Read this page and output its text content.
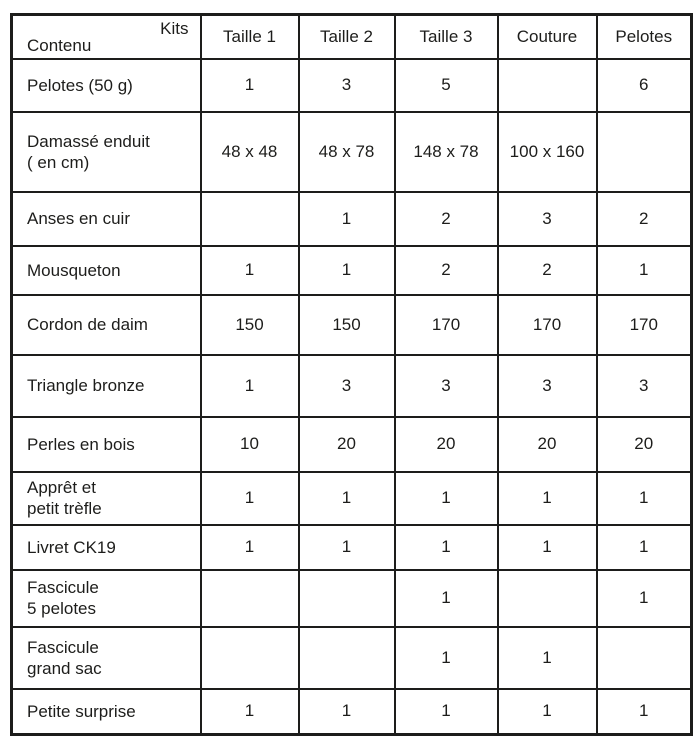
Kits
Contenu	Taille 1	Taille 2	Taille 3	Couture	Pelotes

Pelotes (50 g)	1	3	5		6

Damassé enduit
( en cm)	48 x 48	48 x 78	148 x 78	100 x 160	

Anses en cuir		1	2	3	2

Mousqueton	1	1	2	2	1

Cordon de daim	150	150	170	170	170

Triangle bronze	1	3	3	3	3

Perles en bois	10	20	20	20	20

Apprêt et
petit trèfle	1	1	1	1	1

Livret CK19	1	1	1	1	1

Fascicule
5 pelotes			1		1

Fascicule
grand sac			1	1	

Petite surprise	1	1	1	1	1
